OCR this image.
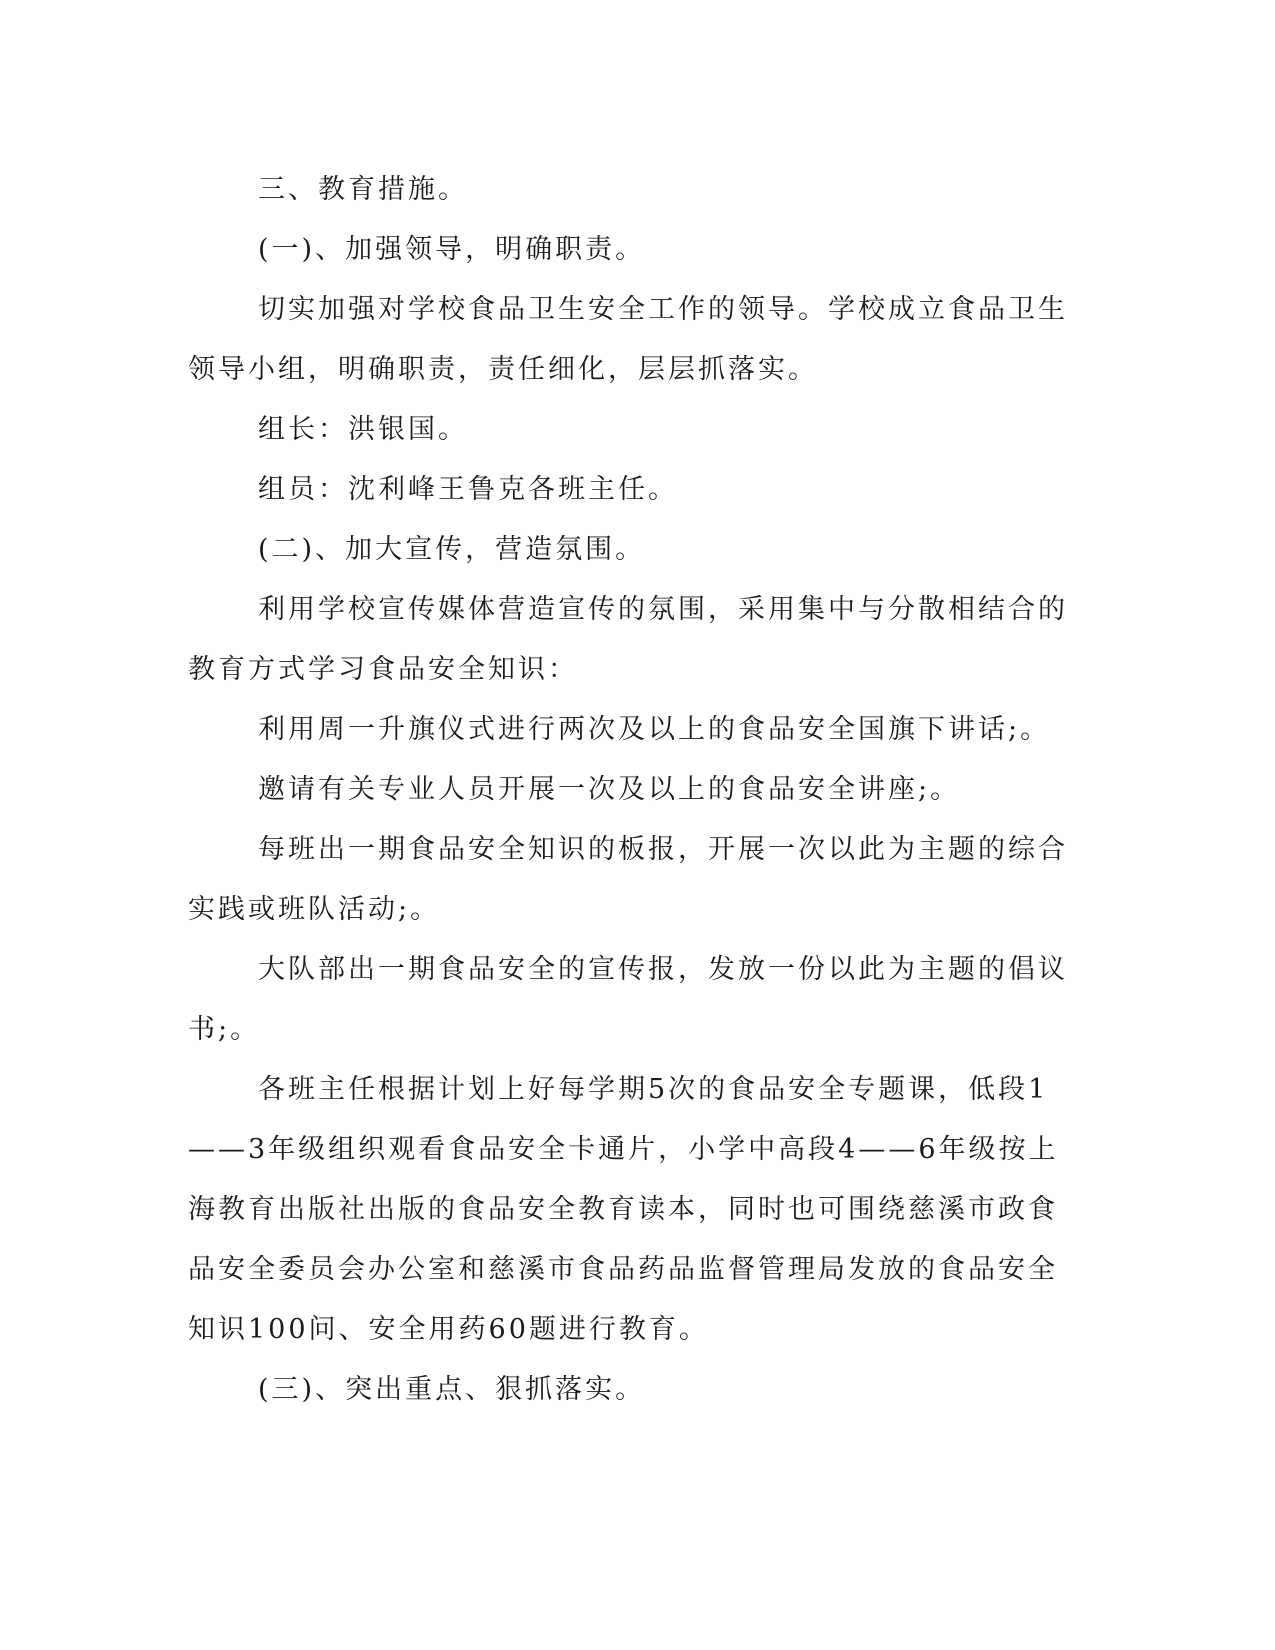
三、教育措施。

(一)、加强领导，明确职责。

切实加强对学校食品卫生安全工作的领导。学校成立食品卫生领导小组，明确职责，责任细化，层层抓落实。

组长：洪银国。

组员：沈利峰王鲁克各班主任。

(二)、加大宣传，营造氛围。

利用学校宣传媒体营造宣传的氛围，采用集中与分散相结合的教育方式学习食品安全知识：

利用周一升旗仪式进行两次及以上的食品安全国旗下讲话;。

邀请有关专业人员开展一次及以上的食品安全讲座;。

每班出一期食品安全知识的板报，开展一次以此为主题的综合实践或班队活动;。

大队部出一期食品安全的宣传报，发放一份以此为主题的倡议书;。

各班主任根据计划上好每学期5次的食品安全专题课，低段1——3年级组织观看食品安全卡通片，小学中高段4——6年级按上海教育出版社出版的食品安全教育读本，同时也可围绕慈溪市政食品安全委员会办公室和慈溪市食品药品监督管理局发放的食品安全知识100问、安全用药60题进行教育。

(三)、突出重点、狠抓落实。
